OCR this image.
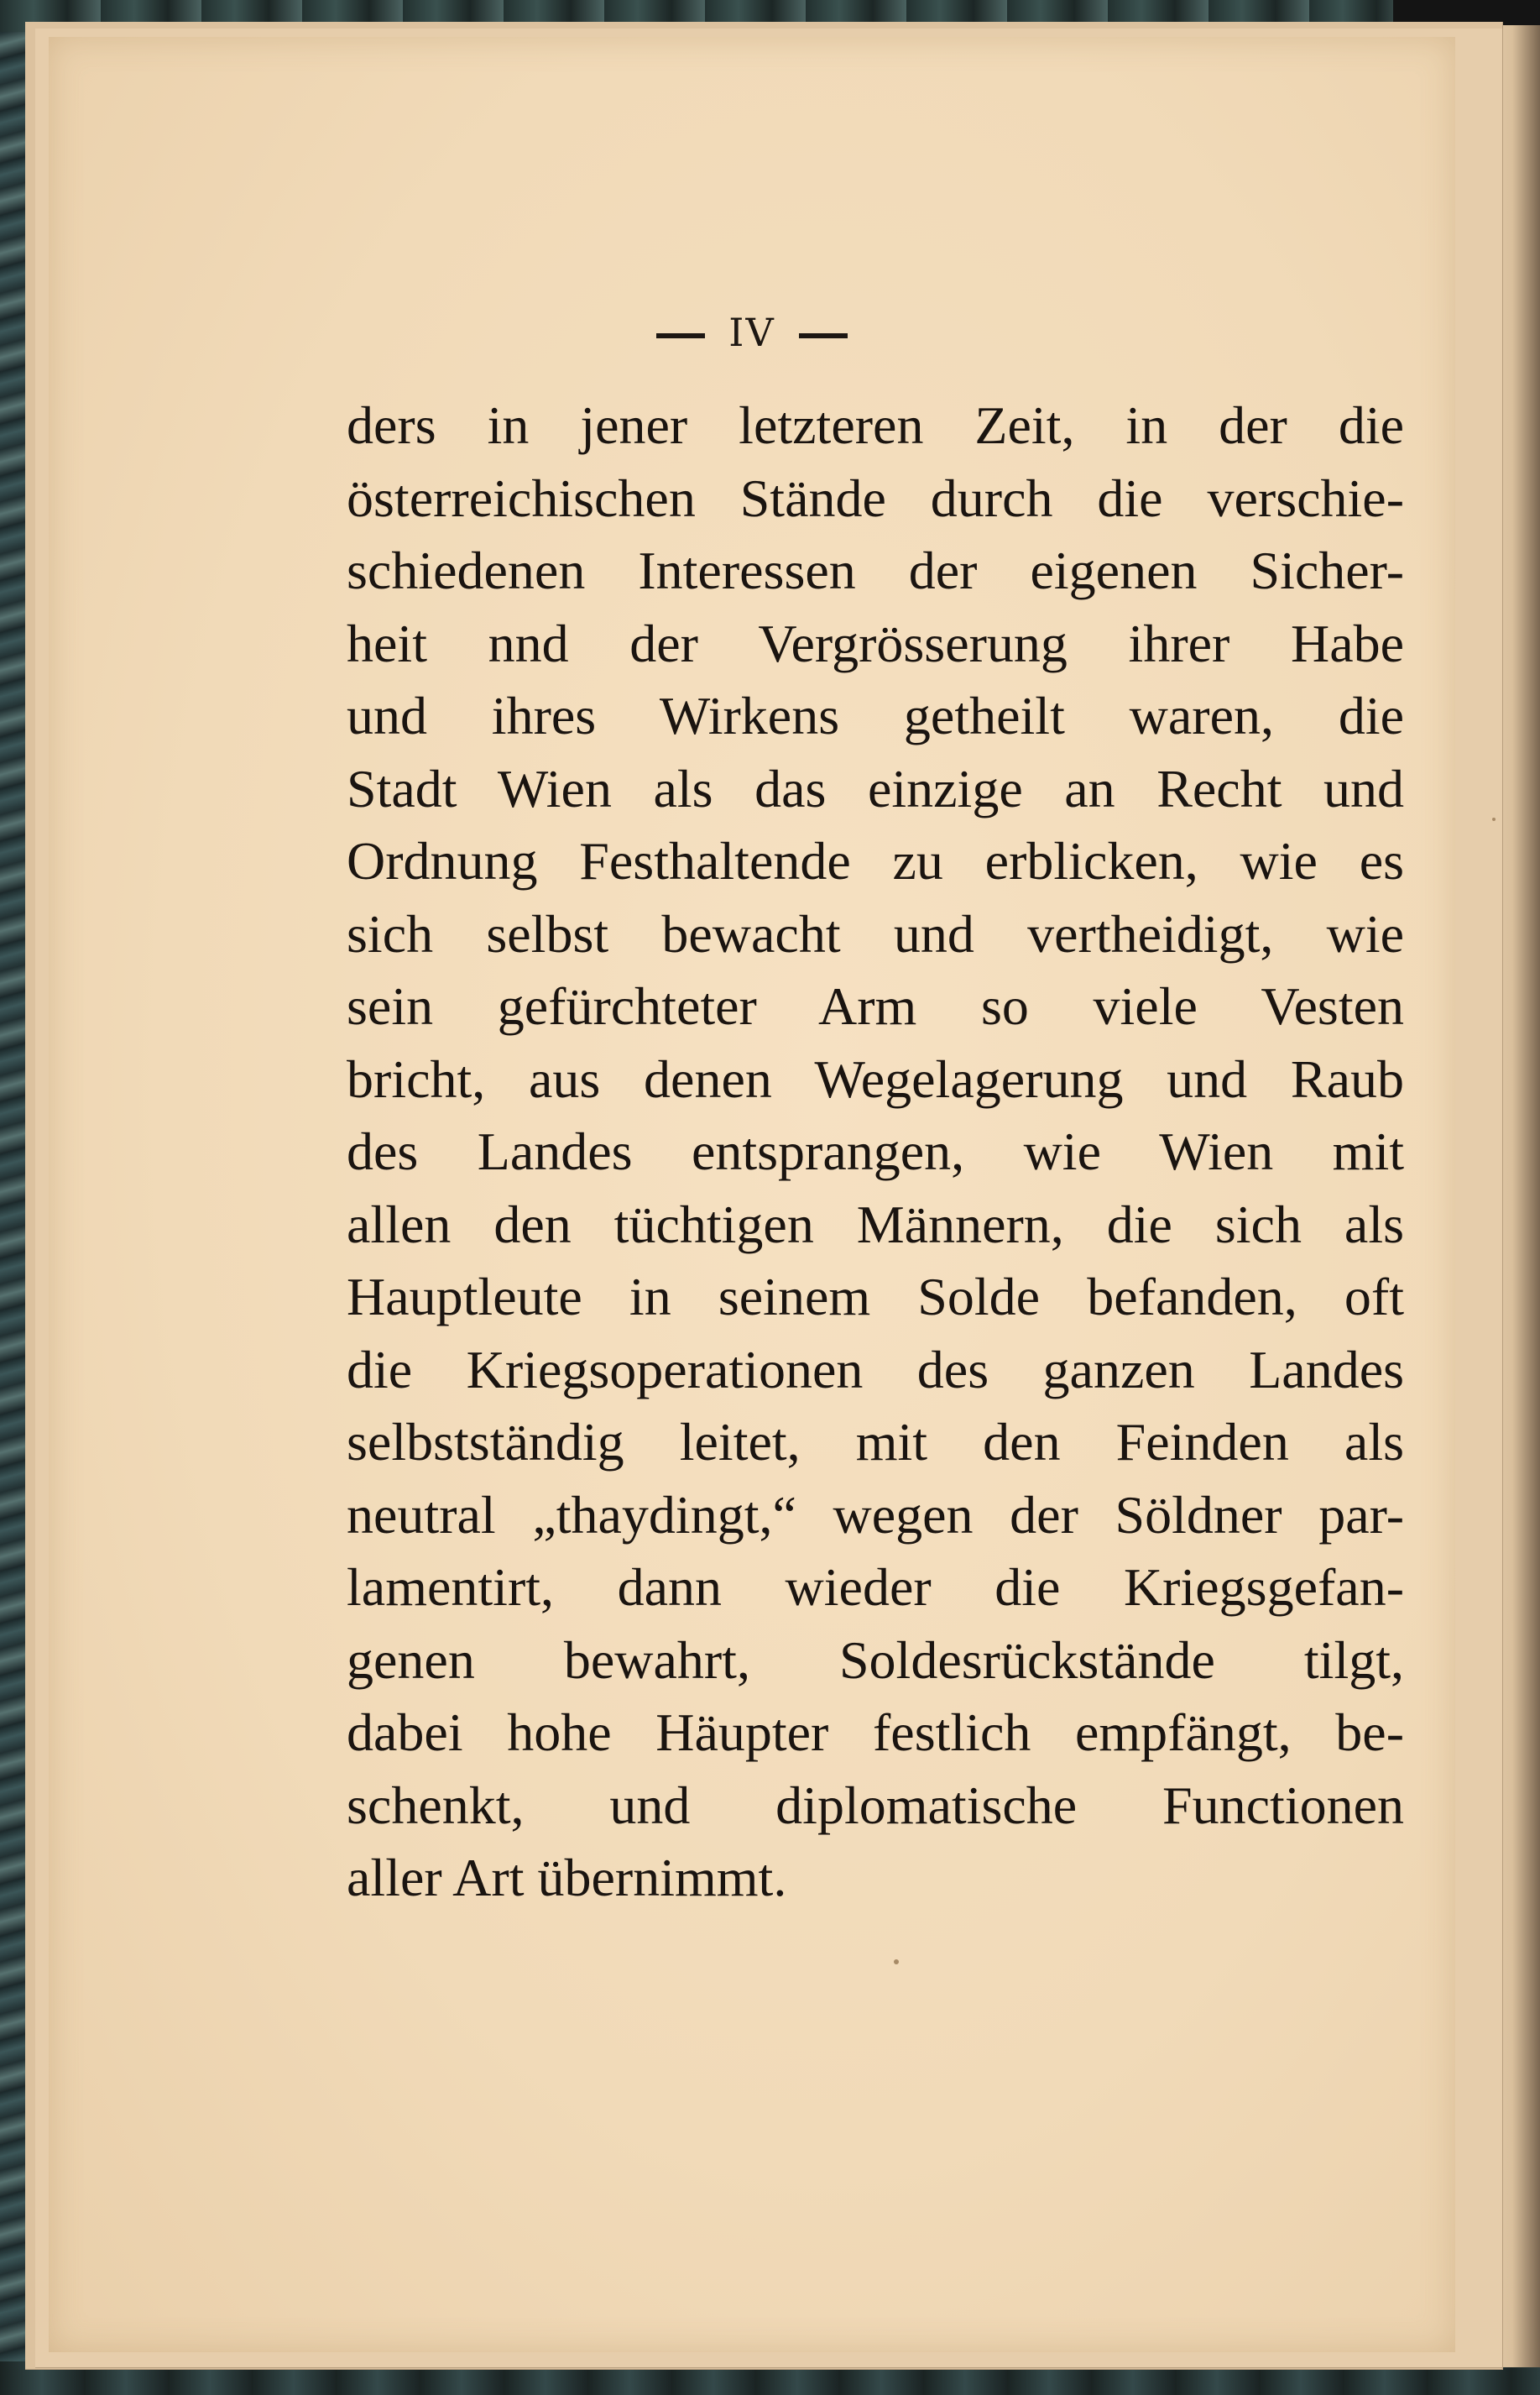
IV
ders in jener letzteren Zeit, in der die
österreichischen Stände durch die verschie-
schiedenen Interessen der eigenen Sicher-
heit nnd der Vergrösserung ihrer Habe
und ihres Wirkens getheilt waren, die
Stadt Wien als das einzige an Recht und
Ordnung Festhaltende zu erblicken, wie es
sich selbst bewacht und vertheidigt, wie
sein gefürchteter Arm so viele Vesten
bricht, aus denen Wegelagerung und Raub
des Landes entsprangen, wie Wien mit
allen den tüchtigen Männern, die sich als
Hauptleute in seinem Solde befanden, oft
die Kriegsoperationen des ganzen Landes
selbstständig leitet, mit den Feinden als
neutral „thaydingt,“ wegen der Söldner par-
lamentirt, dann wieder die Kriegsgefan-
genen bewahrt, Soldesrückstände tilgt,
dabei hohe Häupter festlich empfängt, be-
schenkt, und diplomatische Functionen
aller Art übernimmt.
